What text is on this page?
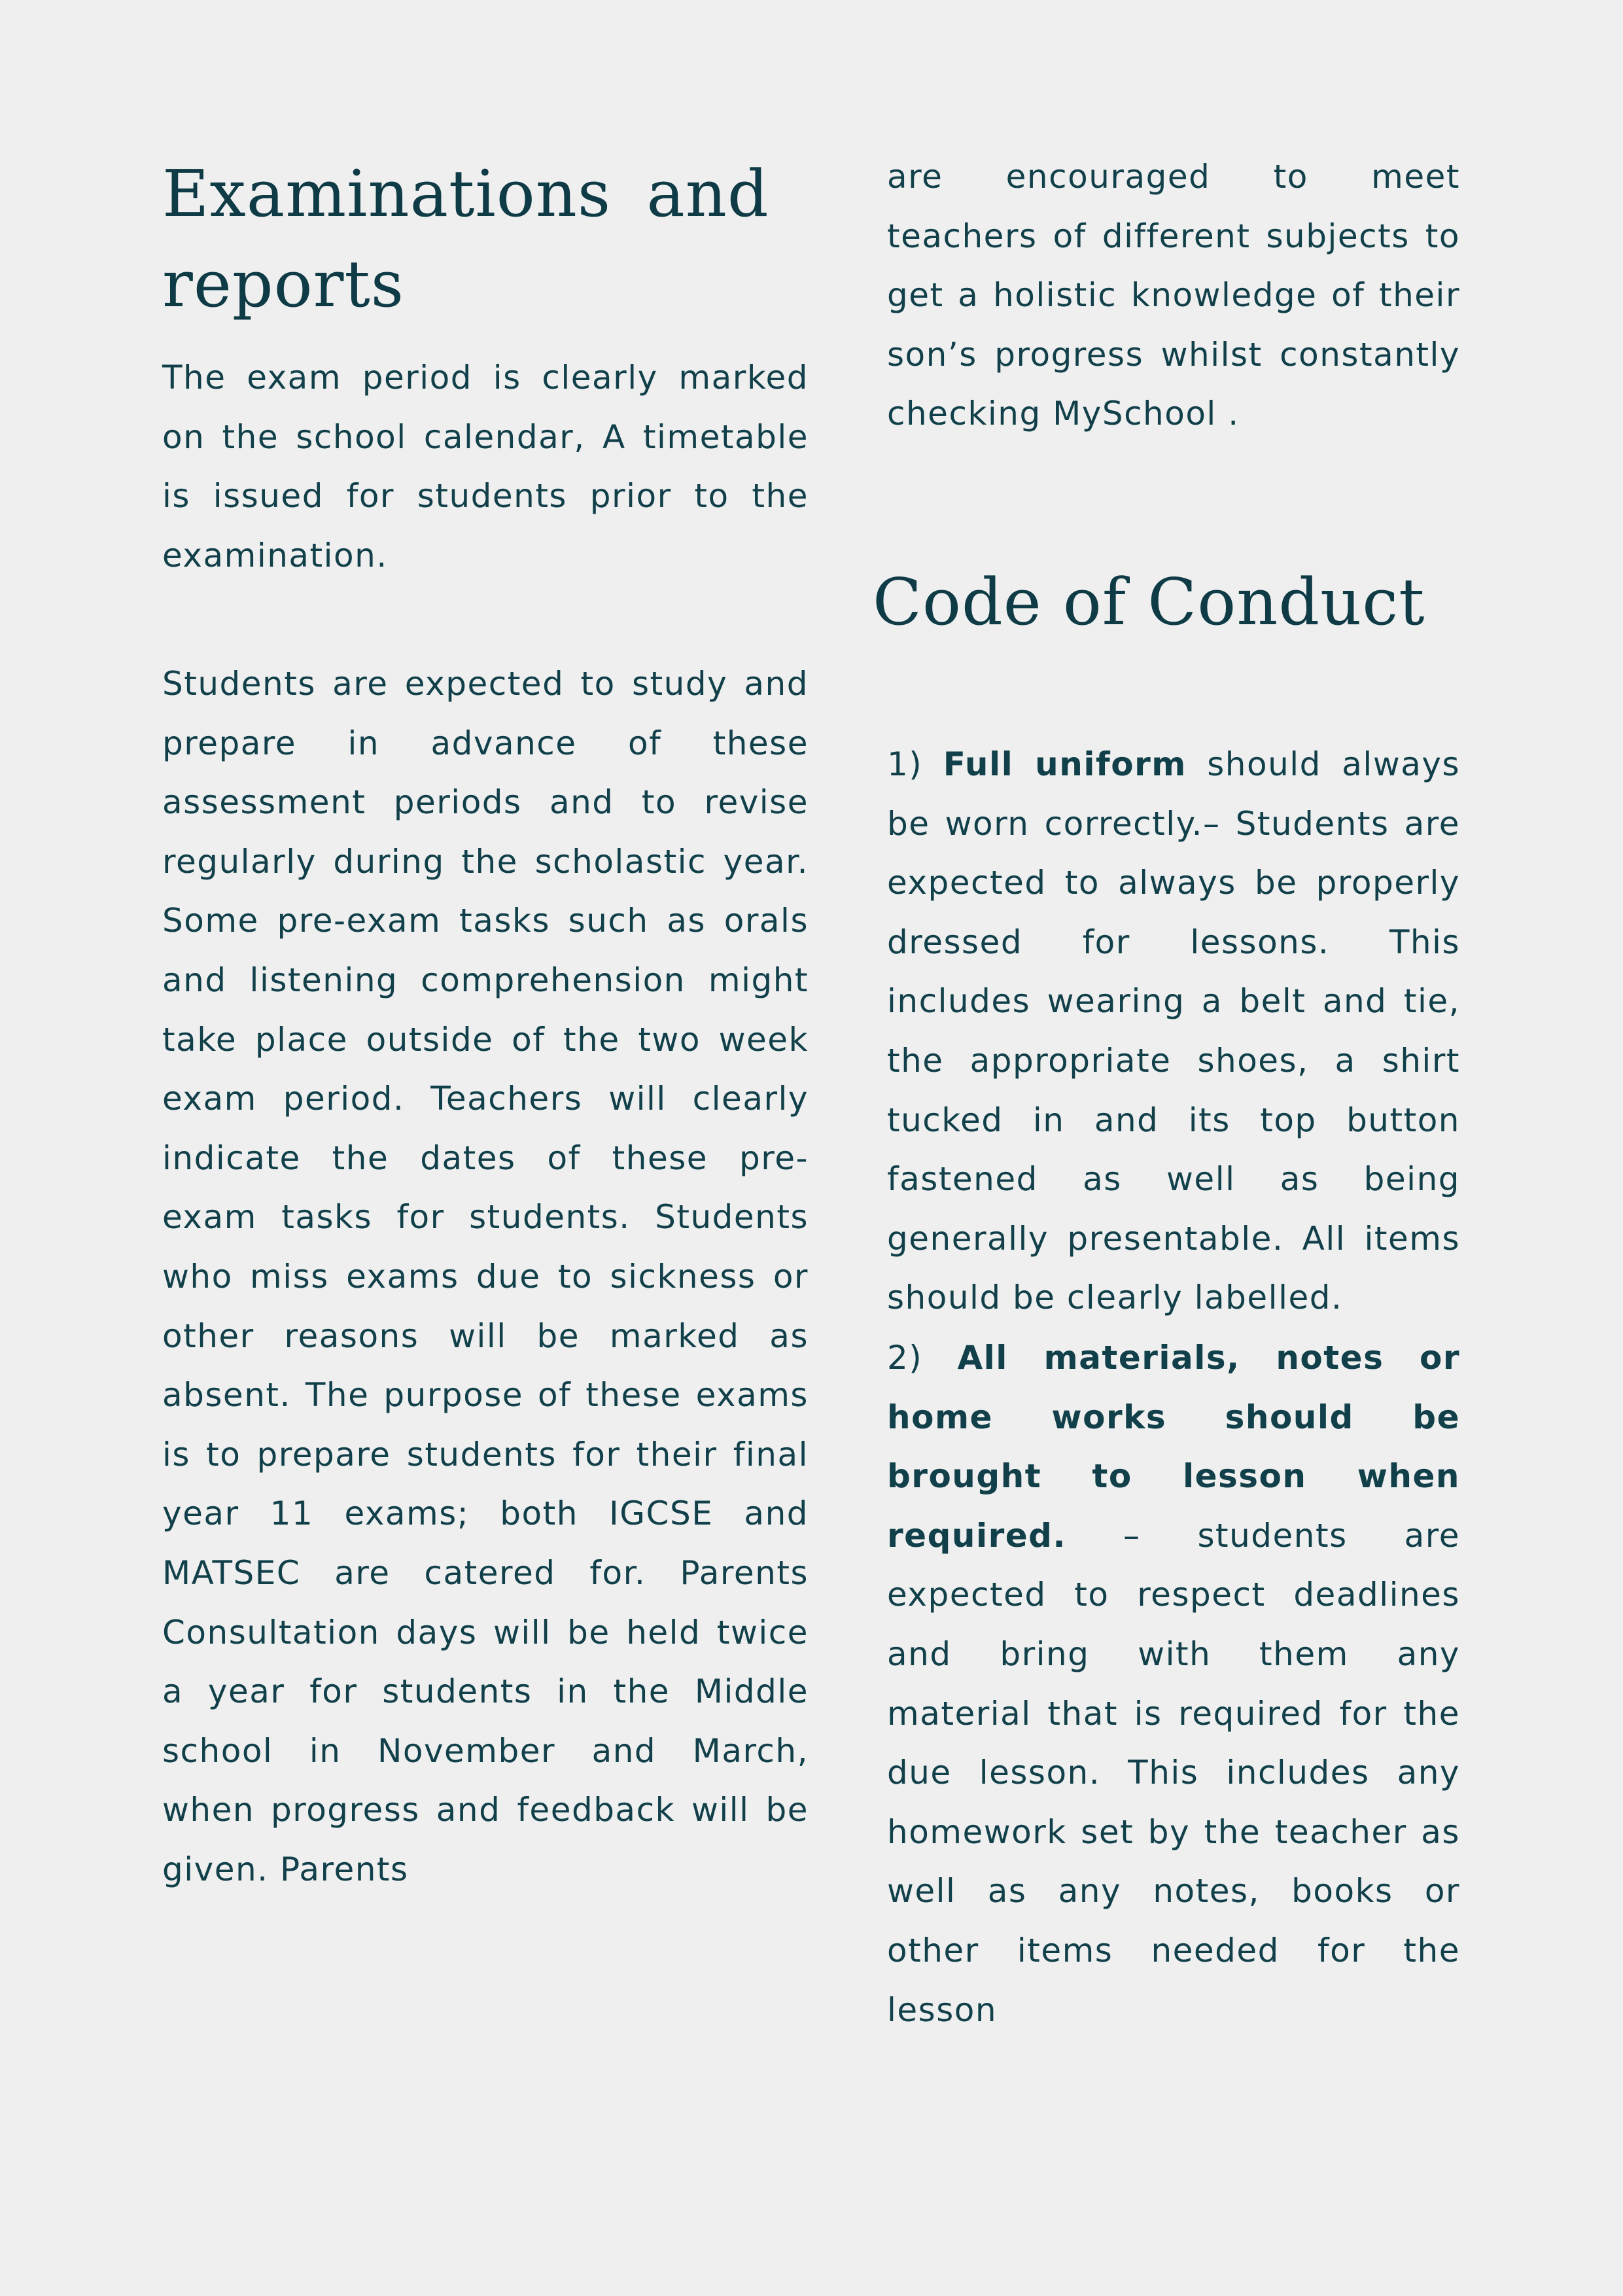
Examinations and reports

The exam period is clearly marked on the school calendar, A timetable is issued for students prior to the examination.

Students are expected to study and prepare in advance of these assessment periods and to revise regularly during the scholastic year. Some pre-exam tasks such as orals and listening comprehension might take place outside of the two week exam period. Teachers will clearly indicate the dates of these pre- exam tasks for students. Students who miss exams due to sickness or other reasons will be marked as absent. The purpose of these exams is to prepare students for their final year 11 exams; both IGCSE and MATSEC are catered for. Parents Consultation days will be held twice a year for students in the Middle school in November and March, when progress and feedback will be given. Parents

are encouraged to meet teachers of different subjects to get a holistic knowledge of their son’s progress whilst constantly checking MySchool .

Code of Conduct

1) Full uniform should always be worn correctly.– Students are expected to always be properly dressed for lessons. This includes wearing a belt and tie, the appropriate shoes, a shirt tucked in and its top button fastened as well as being generally presentable. All items should be clearly labelled.

2) All materials, notes or home works should be brought to lesson when required. – students are expected to respect deadlines and bring with them any material that is required for the due lesson. This includes any homework set by the teacher as well as any notes, books or other items needed for the lesson
